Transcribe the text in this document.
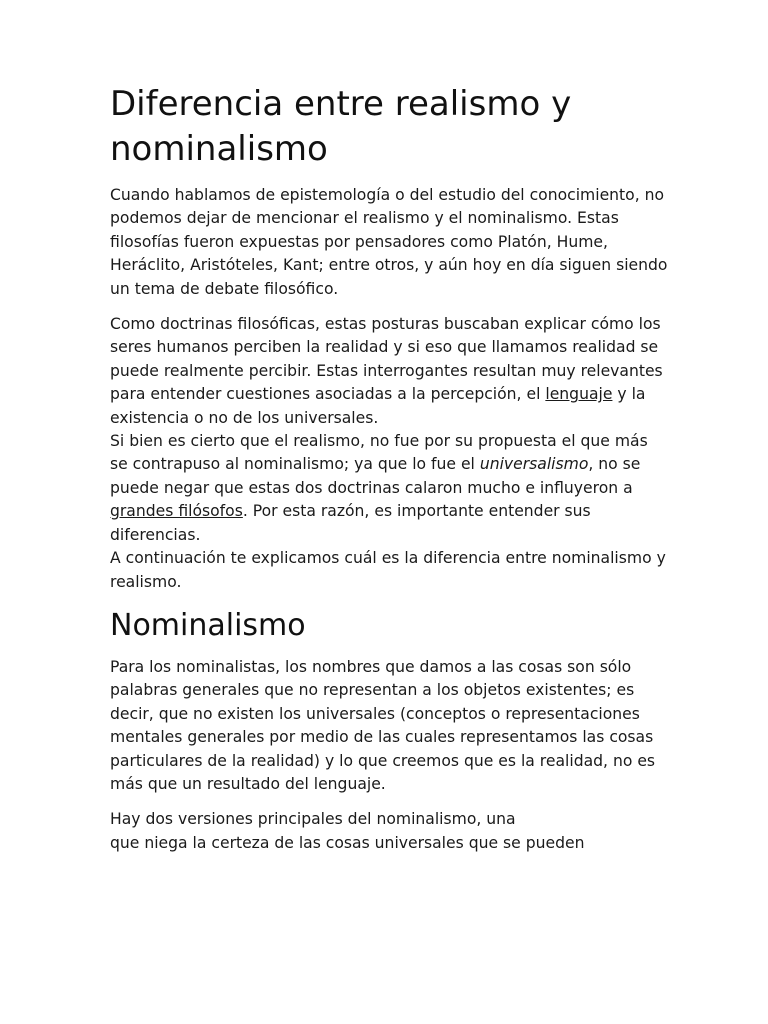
Diferencia entre realismo y nominalismo

Cuando hablamos de epistemología o del estudio del conocimiento, no podemos dejar de mencionar el realismo y el nominalismo. Estas filosofías fueron expuestas por pensadores como Platón, Hume, Heráclito, Aristóteles, Kant; entre otros, y aún hoy en día siguen siendo un tema de debate filosófico.

Como doctrinas filosóficas, estas posturas buscaban explicar cómo los seres humanos perciben la realidad y si eso que llamamos realidad se puede realmente percibir. Estas interrogantes resultan muy relevantes para entender cuestiones asociadas a la percepción, el lenguaje y la existencia o no de los universales.

Si bien es cierto que el realismo, no fue por su propuesta el que más se contrapuso al nominalismo; ya que lo fue el universalismo, no se puede negar que estas dos doctrinas calaron mucho e influyeron a grandes filósofos. Por esta razón, es importante entender sus diferencias.

A continuación te explicamos cuál es la diferencia entre nominalismo y realismo.

Nominalismo

Para los nominalistas, los nombres que damos a las cosas son sólo palabras generales que no representan a los objetos existentes; es decir, que no existen los universales (conceptos o representaciones mentales generales por medio de las cuales representamos las cosas particulares de la realidad) y lo que creemos que es la realidad, no es más que un resultado del lenguaje.

Hay dos versiones principales del nominalismo, una
que niega la certeza de las cosas universales que se pueden
